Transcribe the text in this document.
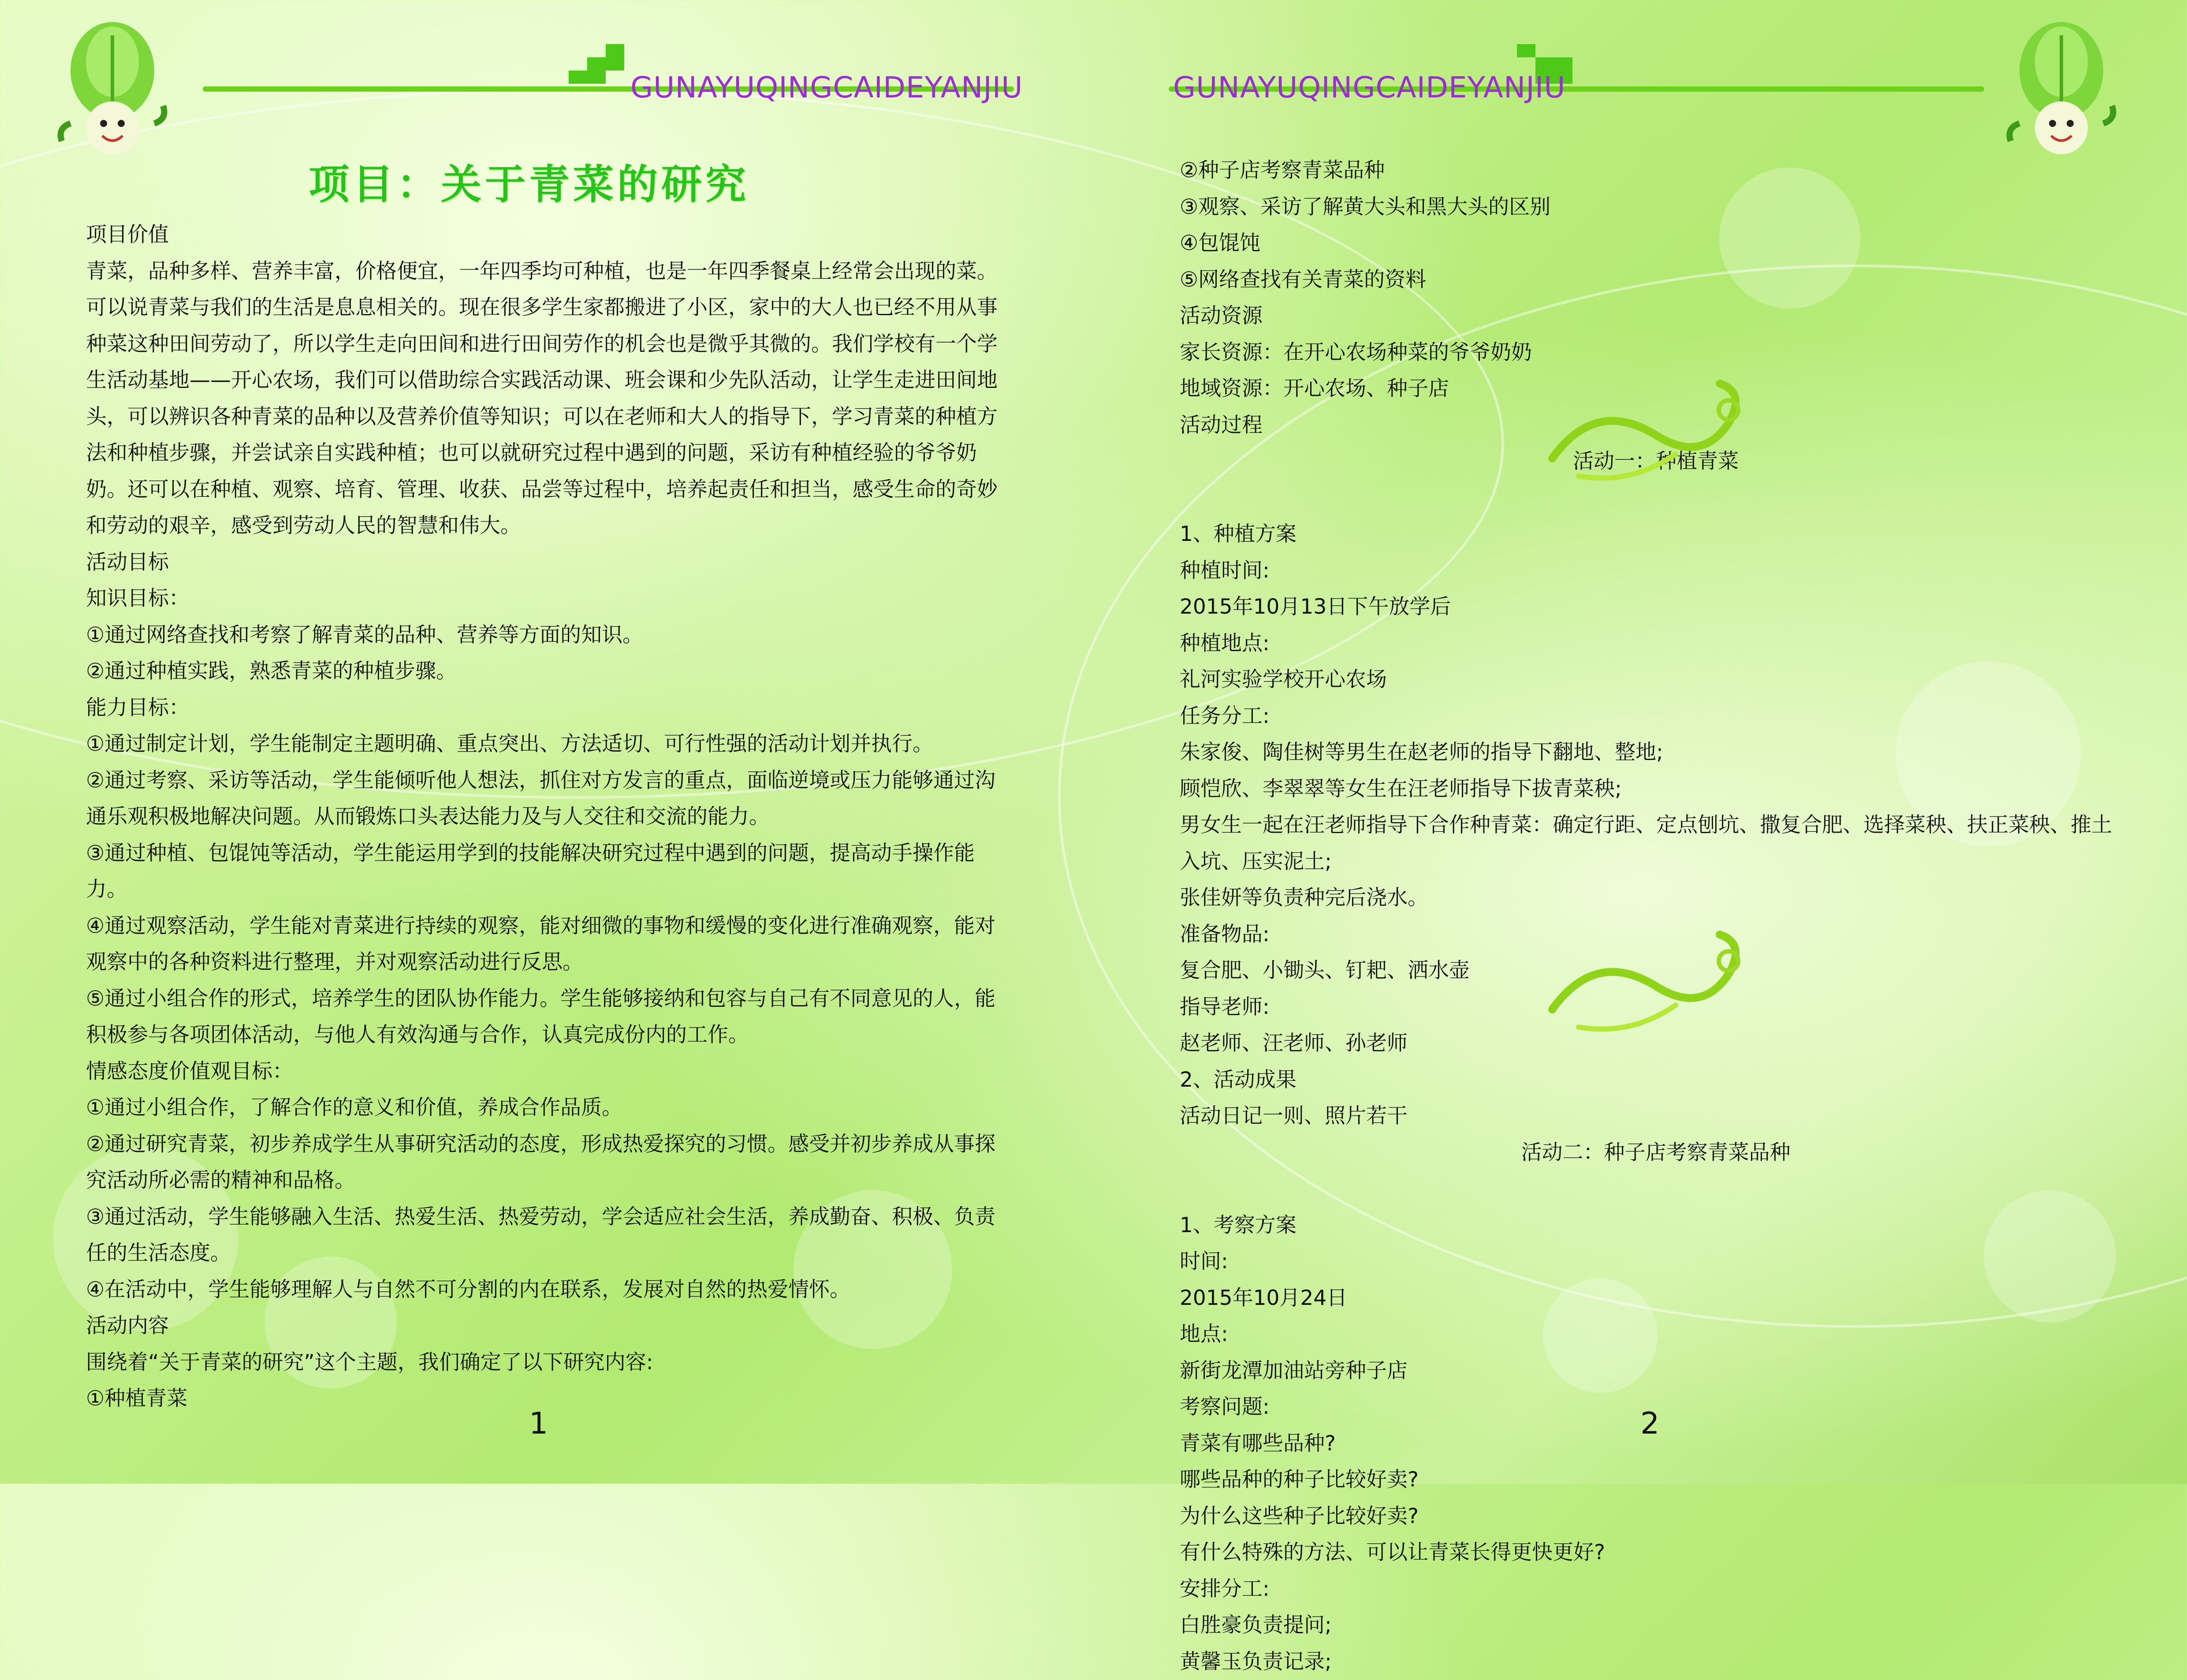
GUNAYUQINGCAIDEYANJIU
项目：关于青菜的研究

项目价值

青菜，品种多样、营养丰富，价格便宜，一年四季均可种植，也是一年四季餐桌上经常会出现的菜。可以说青菜与我们的生活是息息相关的。现在很多学生家都搬进了小区，家中的大人也已经不用从事种菜这种田间劳动了，所以学生走向田间和进行田间劳作的机会也是微乎其微的。我们学校有一个学生活动基地——开心农场，我们可以借助综合实践活动课、班会课和少先队活动，让学生走进田间地头，可以辨识各种青菜的品种以及营养价值等知识；可以在老师和大人的指导下，学习青菜的种植方法和种植步骤，并尝试亲自实践种植；也可以就研究过程中遇到的问题，采访有种植经验的爷爷奶奶。还可以在种植、观察、培育、管理、收获、品尝等过程中，培养起责任和担当，感受生命的奇妙和劳动的艰辛，感受到劳动人民的智慧和伟大。

活动目标

知识目标：

①通过网络查找和考察了解青菜的品种、营养等方面的知识。

②通过种植实践，熟悉青菜的种植步骤。

能力目标：

①通过制定计划，学生能制定主题明确、重点突出、方法适切、可行性强的活动计划并执行。

②通过考察、采访等活动，学生能倾听他人想法，抓住对方发言的重点，面临逆境或压力能够通过沟通乐观积极地解决问题。从而锻炼口头表达能力及与人交往和交流的能力。

③通过种植、包馄饨等活动，学生能运用学到的技能解决研究过程中遇到的问题，提高动手操作能力。

④通过观察活动，学生能对青菜进行持续的观察，能对细微的事物和缓慢的变化进行准确观察，能对观察中的各种资料进行整理，并对观察活动进行反思。

⑤通过小组合作的形式，培养学生的团队协作能力。学生能够接纳和包容与自己有不同意见的人，能积极参与各项团体活动，与他人有效沟通与合作，认真完成份内的工作。

情感态度价值观目标：

①通过小组合作，了解合作的意义和价值，养成合作品质。

②通过研究青菜，初步养成学生从事研究活动的态度，形成热爱探究的习惯。感受并初步养成从事探究活动所必需的精神和品格。

③通过活动，学生能够融入生活、热爱生活、热爱劳动，学会适应社会生活，养成勤奋、积极、负责任的生活态度。

④在活动中，学生能够理解人与自然不可分割的内在联系，发展对自然的热爱情怀。

活动内容

围绕着“关于青菜的研究”这个主题，我们确定了以下研究内容:

①种植青菜

1
GUNAYUQINGCAIDEYANJIU

②种子店考察青菜品种

③观察、采访了解黄大头和黑大头的区别

④包馄饨

⑤网络查找有关青菜的资料

活动资源

家长资源：在开心农场种菜的爷爷奶奶

地域资源：开心农场、种子店

活动过程

活动一：种植青菜

1、种植方案

种植时间:

2015年10月13日下午放学后

种植地点:

礼河实验学校开心农场

任务分工:

朱家俊、陶佳树等男生在赵老师的指导下翻地、整地;

顾恺欣、李翠翠等女生在汪老师指导下拔青菜秧;

男女生一起在汪老师指导下合作种青菜：确定行距、定点刨坑、撒复合肥、选择菜秧、扶正菜秧、推土入坑、压实泥土;

张佳妍等负责种完后浇水。

准备物品:

复合肥、小锄头、钉耙、洒水壶

指导老师:

赵老师、汪老师、孙老师

2、活动成果

活动日记一则、照片若干

活动二：种子店考察青菜品种

1、考察方案

时间:

2015年10月24日

地点:

新街龙潭加油站旁种子店

考察问题:

青菜有哪些品种?

哪些品种的种子比较好卖?

为什么这些种子比较好卖?

有什么特殊的方法、可以让青菜长得更快更好?

安排分工:

白胜豪负责提问;

黄馨玉负责记录;

2
